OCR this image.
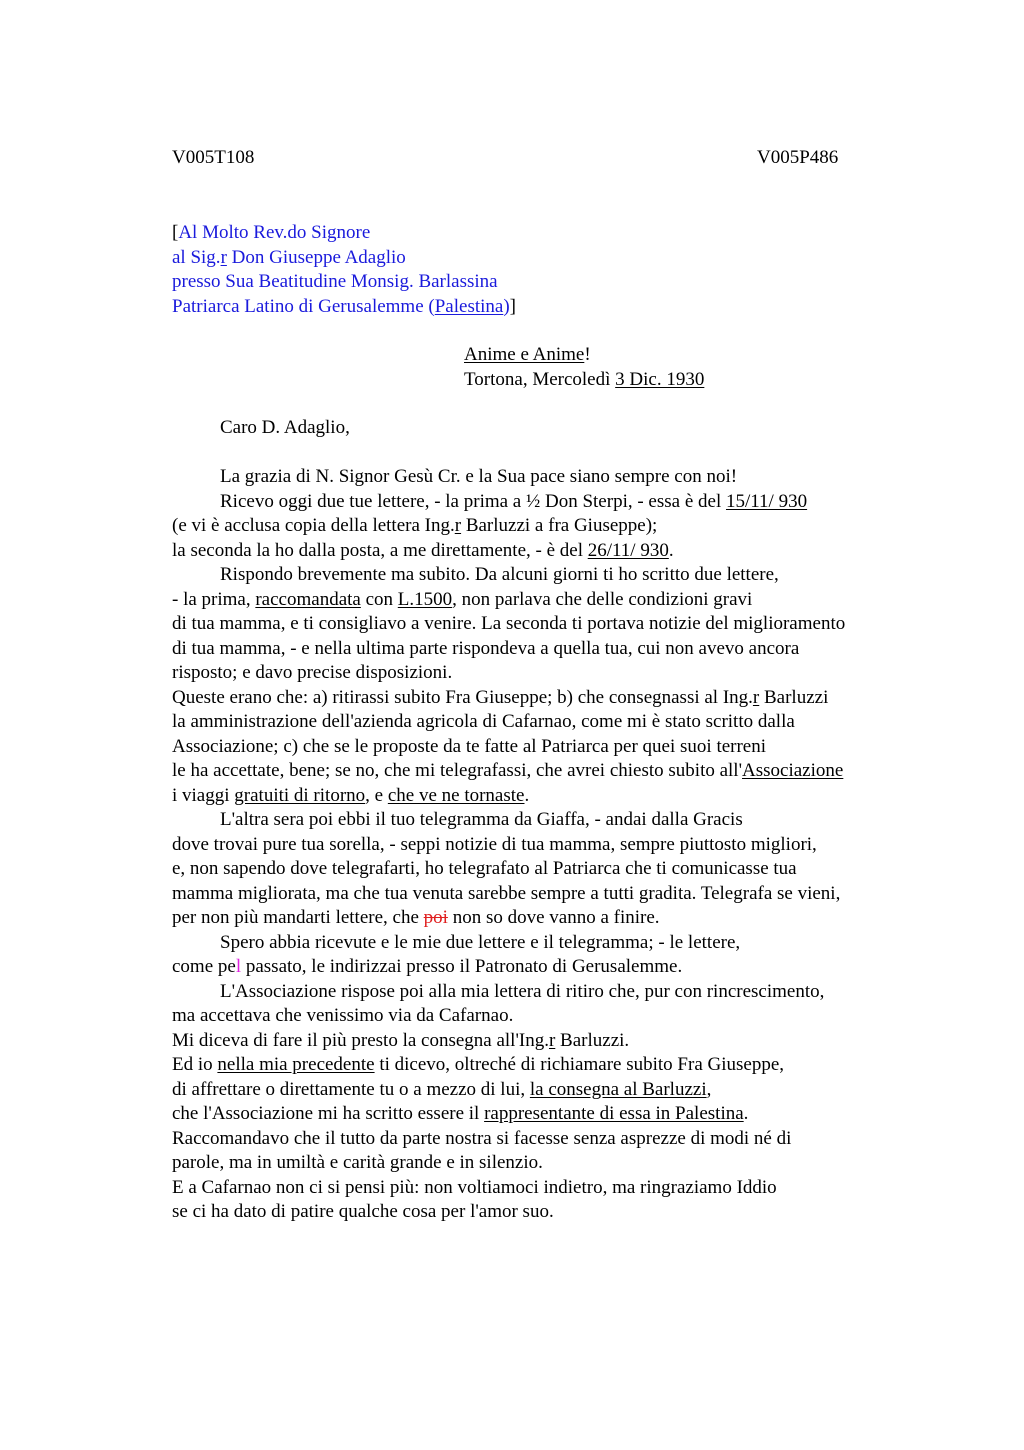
V005T108	V005P486
[Al Molto Rev.do Signore
al Sig.r Don Giuseppe Adaglio
presso Sua Beatitudine Monsig. Barlassina
Patriarca Latino di Gerusalemme (Palestina)]
Anime e Anime!
Tortona, Mercoledì 3 Dic. 1930
Caro D. Adaglio,
La grazia di N. Signor Gesù Cr. e la Sua pace siano sempre con noi!
Ricevo oggi due tue lettere, - la prima a ½ Don Sterpi, - essa è del 15/11/ 930
(e vi è acclusa copia della lettera Ing.r Barluzzi a fra Giuseppe);
la seconda la ho dalla posta, a me direttamente, - è del 26/11/ 930.
Rispondo brevemente ma subito. Da alcuni giorni ti ho scritto due lettere,
- la prima, raccomandata con L.1500, non parlava che delle condizioni gravi
di tua mamma, e ti consigliavo a venire. La seconda ti portava notizie del miglioramento
di tua mamma, - e nella ultima parte rispondeva a quella tua, cui non avevo ancora
risposto; e davo precise disposizioni.
Queste erano che: a) ritirassi subito Fra Giuseppe; b) che consegnassi al Ing.r Barluzzi
la amministrazione dell'azienda agricola di Cafarnao, come mi è stato scritto dalla
Associazione; c) che se le proposte da te fatte al Patriarca per quei suoi terreni
le ha accettate, bene; se no, che mi telegrafassi, che avrei chiesto subito all'Associazione
i viaggi gratuiti di ritorno, e che ve ne tornaste.
L'altra sera poi ebbi il tuo telegramma da Giaffa, - andai dalla Gracis
dove trovai pure tua sorella, - seppi notizie di tua mamma, sempre piuttosto migliori,
e, non sapendo dove telegrafarti, ho telegrafato al Patriarca che ti comunicasse tua
mamma migliorata, ma che tua venuta sarebbe sempre a tutti gradita. Telegrafa se vieni,
per non più mandarti lettere, che poi non so dove vanno a finire.
Spero abbia ricevute e le mie due lettere e il telegramma; - le lettere,
come pel passato, le indirizzai presso il Patronato di Gerusalemme.
L'Associazione rispose poi alla mia lettera di ritiro che, pur con rincrescimento,
ma accettava che venissimo via da Cafarnao.
Mi diceva di fare il più presto la consegna all'Ing.r Barluzzi.
Ed io nella mia precedente ti dicevo, oltreché di richiamare subito Fra Giuseppe,
di affrettare o direttamente tu o a mezzo di lui, la consegna al Barluzzi,
che l'Associazione mi ha scritto essere il rappresentante di essa in Palestina.
Raccomandavo che il tutto da parte nostra si facesse senza asprezze di modi né di
parole, ma in umiltà e carità grande e in silenzio.
E a Cafarnao non ci si pensi più: non voltiamoci indietro, ma ringraziamo Iddio
se ci ha dato di patire qualche cosa per l'amor suo.
